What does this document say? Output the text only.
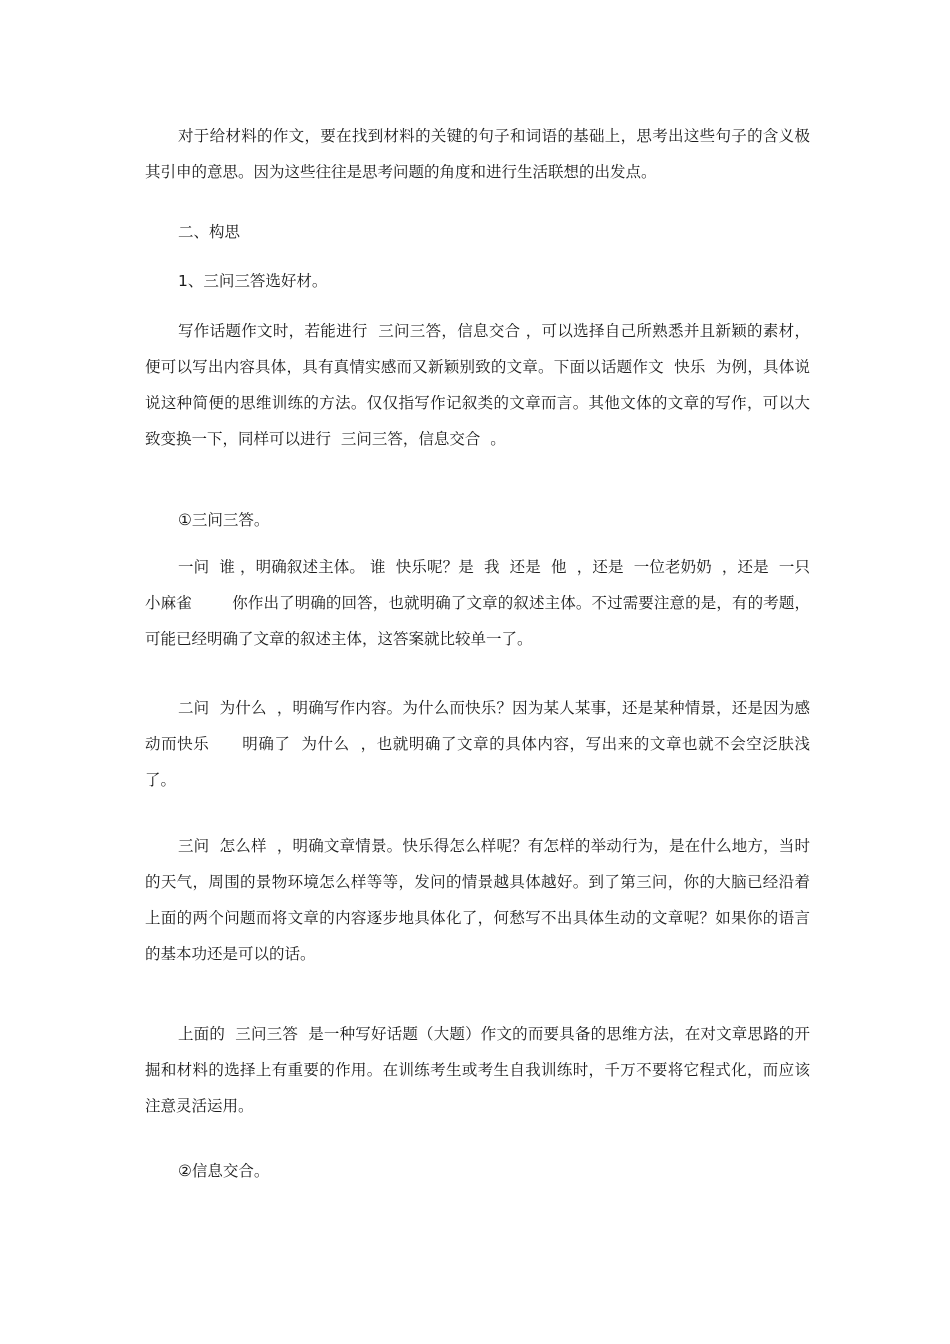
对于给材料的作文，要在找到材料的关键的句子和词语的基础上，思考出这些句子的含义极其引申的意思。因为这些往往是思考问题的角度和进行生活联想的出发点。

二、构思

1、三问三答选好材。

写作话题作文时，若能进行  三问三答，信息交合 ，可以选择自己所熟悉并且新颖的素材，便可以写出内容具体，具有真情实感而又新颖别致的文章。下面以话题作文  快乐  为例，具体说说这种简便的思维训练的方法。仅仅指写作记叙类的文章而言。其他文体的文章的写作，可以大致变换一下，同样可以进行  三问三答，信息交合  。

①三问三答。

一问  谁 ，明确叙述主体。 谁  快乐呢？是  我  还是  他  ，还是  一位老奶奶  ，还是  一只小麻雀        你作出了明确的回答，也就明确了文章的叙述主体。不过需要注意的是，有的考题，可能已经明确了文章的叙述主体，这答案就比较单一了。

二问  为什么  ，明确写作内容。为什么而快乐？因为某人某事，还是某种情景，还是因为感动而快乐      明确了  为什么  ，也就明确了文章的具体内容，写出来的文章也就不会空泛肤浅了。

三问  怎么样  ，明确文章情景。快乐得怎么样呢？有怎样的举动行为，是在什么地方，当时的天气，周围的景物环境怎么样等等，发问的情景越具体越好。到了第三问，你的大脑已经沿着上面的两个问题而将文章的内容逐步地具体化了，何愁写不出具体生动的文章呢？如果你的语言的基本功还是可以的话。

上面的  三问三答  是一种写好话题（大题）作文的而要具备的思维方法，在对文章思路的开掘和材料的选择上有重要的作用。在训练考生或考生自我训练时，千万不要将它程式化，而应该注意灵活运用。

②信息交合。
